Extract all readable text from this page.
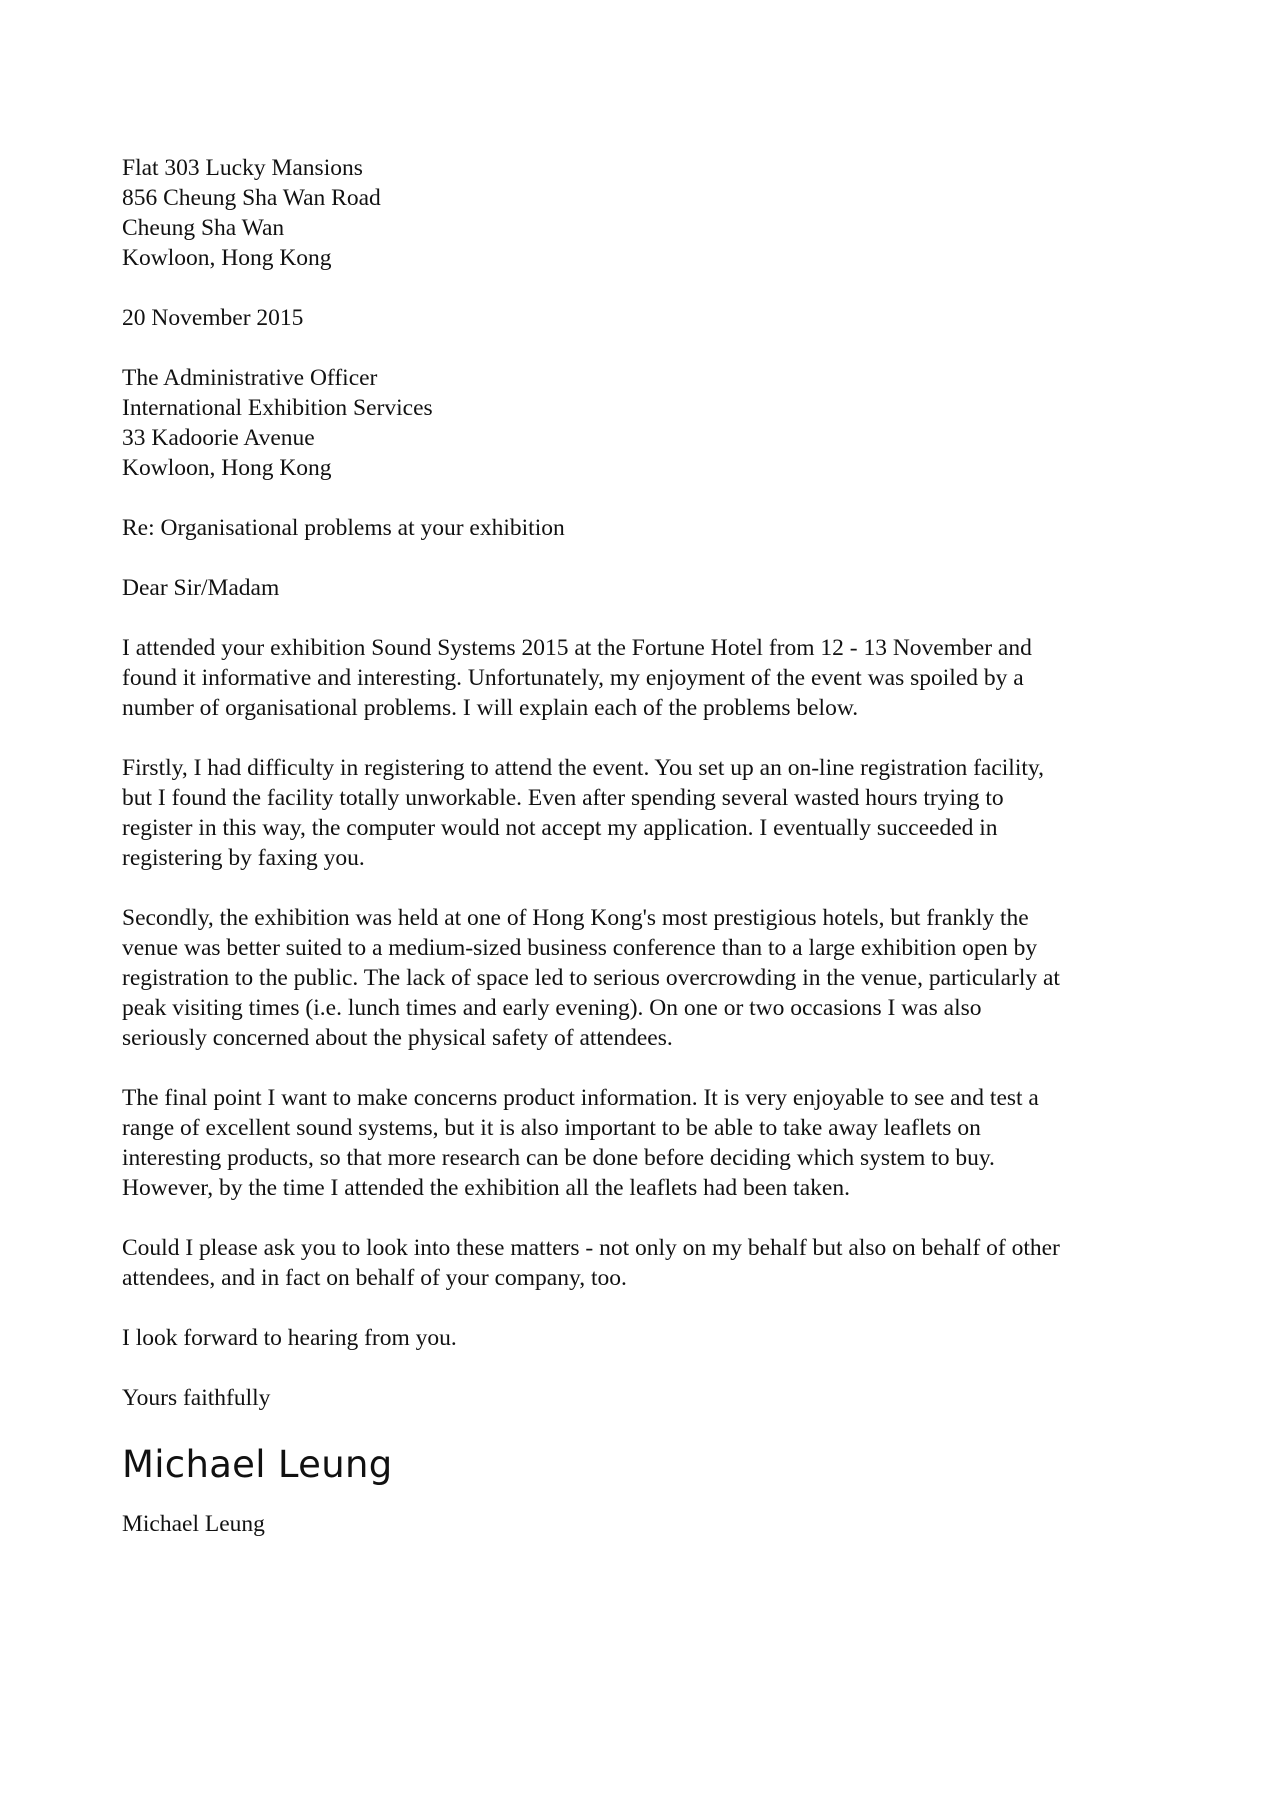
Flat 303 Lucky Mansions
856 Cheung Sha Wan Road
Cheung Sha Wan
Kowloon, Hong Kong
20 November 2015
The Administrative Officer
International Exhibition Services
33 Kadoorie Avenue
Kowloon, Hong Kong
Re: Organisational problems at your exhibition
Dear Sir/Madam
I attended your exhibition Sound Systems 2015 at the Fortune Hotel from 12 - 13 November and
found it informative and interesting. Unfortunately, my enjoyment of the event was spoiled by a
number of organisational problems. I will explain each of the problems below.
Firstly, I had difficulty in registering to attend the event. You set up an on-line registration facility,
but I found the facility totally unworkable. Even after spending several wasted hours trying to
register in this way, the computer would not accept my application. I eventually succeeded in
registering by faxing you.
Secondly, the exhibition was held at one of Hong Kong's most prestigious hotels, but frankly the
venue was better suited to a medium-sized business conference than to a large exhibition open by
registration to the public. The lack of space led to serious overcrowding in the venue, particularly at
peak visiting times (i.e. lunch times and early evening). On one or two occasions I was also
seriously concerned about the physical safety of attendees.
The final point I want to make concerns product information. It is very enjoyable to see and test a
range of excellent sound systems, but it is also important to be able to take away leaflets on
interesting products, so that more research can be done before deciding which system to buy.
However, by the time I attended the exhibition all the leaflets had been taken.
Could I please ask you to look into these matters - not only on my behalf but also on behalf of other
attendees, and in fact on behalf of your company, too.
I look forward to hearing from you.
Yours faithfully
Michael Leung
Michael Leung
